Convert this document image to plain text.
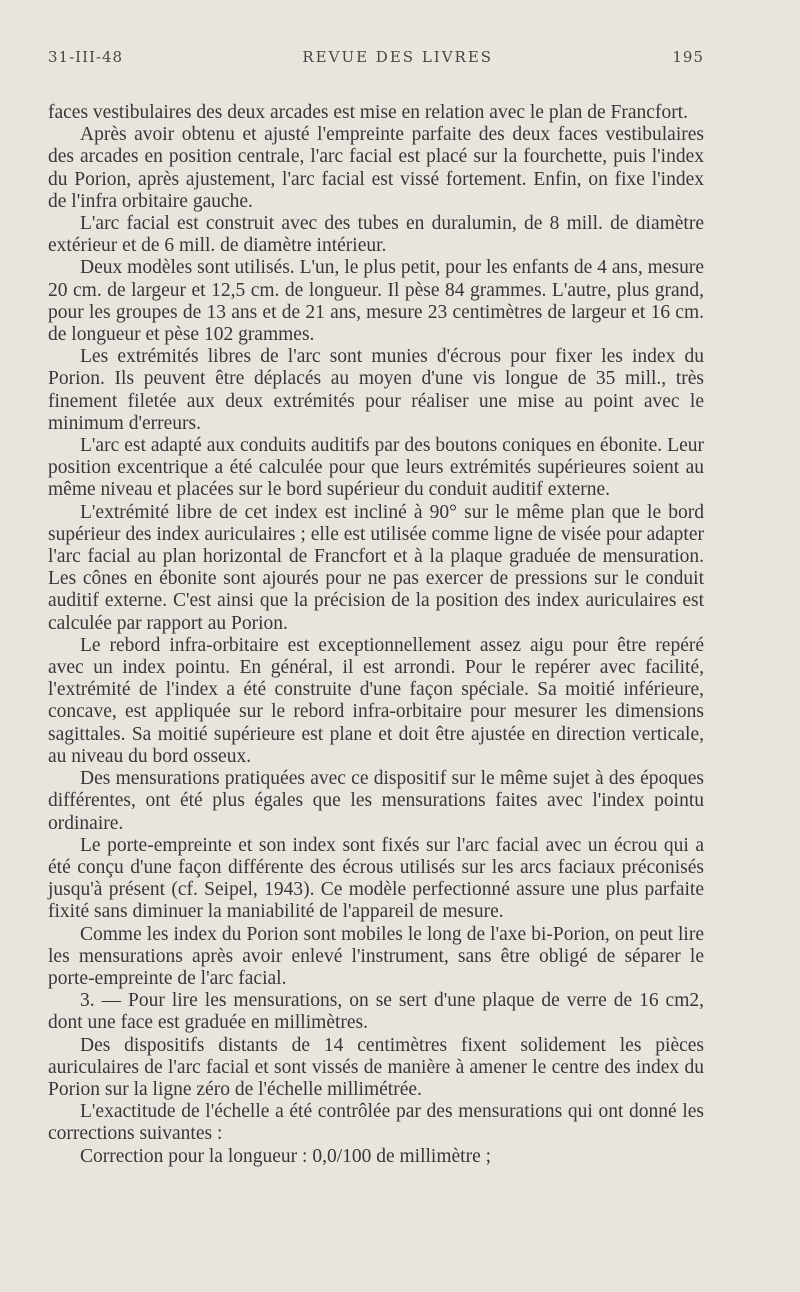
31-III-48	REVUE DES LIVRES	195

faces vestibulaires des deux arcades est mise en relation avec le plan de Francfort.

Après avoir obtenu et ajusté l'empreinte parfaite des deux faces vestibulaires des arcades en position centrale, l'arc facial est placé sur la fourchette, puis l'index du Porion, après ajustement, l'arc facial est vissé fortement. Enfin, on fixe l'index de l'infra orbitaire gauche.

L'arc facial est construit avec des tubes en duralumin, de 8 mill. de diamètre extérieur et de 6 mill. de diamètre intérieur.

Deux modèles sont utilisés. L'un, le plus petit, pour les enfants de 4 ans, mesure 20 cm. de largeur et 12,5 cm. de longueur. Il pèse 84 grammes. L'autre, plus grand, pour les groupes de 13 ans et de 21 ans, mesure 23 centimètres de largeur et 16 cm. de longueur et pèse 102 grammes.

Les extrémités libres de l'arc sont munies d'écrous pour fixer les index du Porion. Ils peuvent être déplacés au moyen d'une vis longue de 35 mill., très finement filetée aux deux extrémités pour réaliser une mise au point avec le minimum d'erreurs.

L'arc est adapté aux conduits auditifs par des boutons coniques en ébonite. Leur position excentrique a été calculée pour que leurs extrémités supérieures soient au même niveau et placées sur le bord supérieur du conduit auditif externe.

L'extrémité libre de cet index est incliné à 90° sur le même plan que le bord supérieur des index auriculaires ; elle est utilisée comme ligne de visée pour adapter l'arc facial au plan horizontal de Francfort et à la plaque graduée de mensuration. Les cônes en ébonite sont ajourés pour ne pas exercer de pressions sur le conduit auditif externe. C'est ainsi que la précision de la position des index auriculaires est calculée par rapport au Porion.

Le rebord infra-orbitaire est exceptionnellement assez aigu pour être repéré avec un index pointu. En général, il est arrondi. Pour le repérer avec facilité, l'extrémité de l'index a été construite d'une façon spéciale. Sa moitié inférieure, concave, est appliquée sur le rebord infra-orbitaire pour mesurer les dimensions sagittales. Sa moitié supérieure est plane et doit être ajustée en direction verticale, au niveau du bord osseux.

Des mensurations pratiquées avec ce dispositif sur le même sujet à des époques différentes, ont été plus égales que les mensurations faites avec l'index pointu ordinaire.

Le porte-empreinte et son index sont fixés sur l'arc facial avec un écrou qui a été conçu d'une façon différente des écrous utilisés sur les arcs faciaux préconisés jusqu'à présent (cf. Seipel, 1943). Ce modèle perfectionné assure une plus parfaite fixité sans diminuer la maniabilité de l'appareil de mesure.

Comme les index du Porion sont mobiles le long de l'axe bi-Porion, on peut lire les mensurations après avoir enlevé l'instrument, sans être obligé de séparer le porte-empreinte de l'arc facial.

3. — Pour lire les mensurations, on se sert d'une plaque de verre de 16 cm2, dont une face est graduée en millimètres.

Des dispositifs distants de 14 centimètres fixent solidement les pièces auriculaires de l'arc facial et sont vissés de manière à amener le centre des index du Porion sur la ligne zéro de l'échelle millimétrée.

L'exactitude de l'échelle a été contrôlée par des mensurations qui ont donné les corrections suivantes :

Correction pour la longueur : 0,0/100 de millimètre ;
